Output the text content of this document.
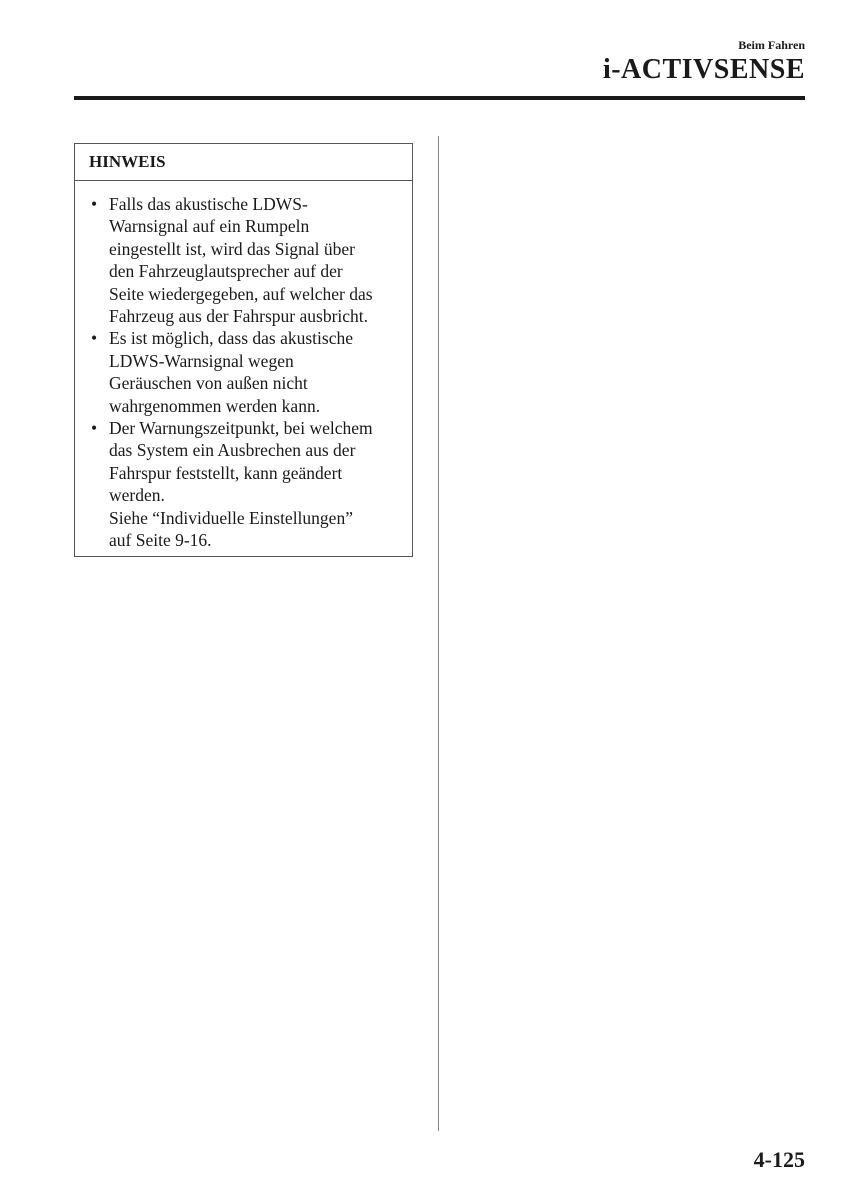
Beim Fahren
i-ACTIVSENSE
HINWEIS
• Falls das akustische LDWS-
Warnsignal auf ein Rumpeln
eingestellt ist, wird das Signal über
den Fahrzeuglautsprecher auf der
Seite wiedergegeben, auf welcher das
Fahrzeug aus der Fahrspur ausbricht.
• Es ist möglich, dass das akustische
LDWS-Warnsignal wegen
Geräuschen von außen nicht
wahrgenommen werden kann.
• Der Warnungszeitpunkt, bei welchem
das System ein Ausbrechen aus der
Fahrspur feststellt, kann geändert
werden.
Siehe “Individuelle Einstellungen”
auf Seite 9-16.
4-125
